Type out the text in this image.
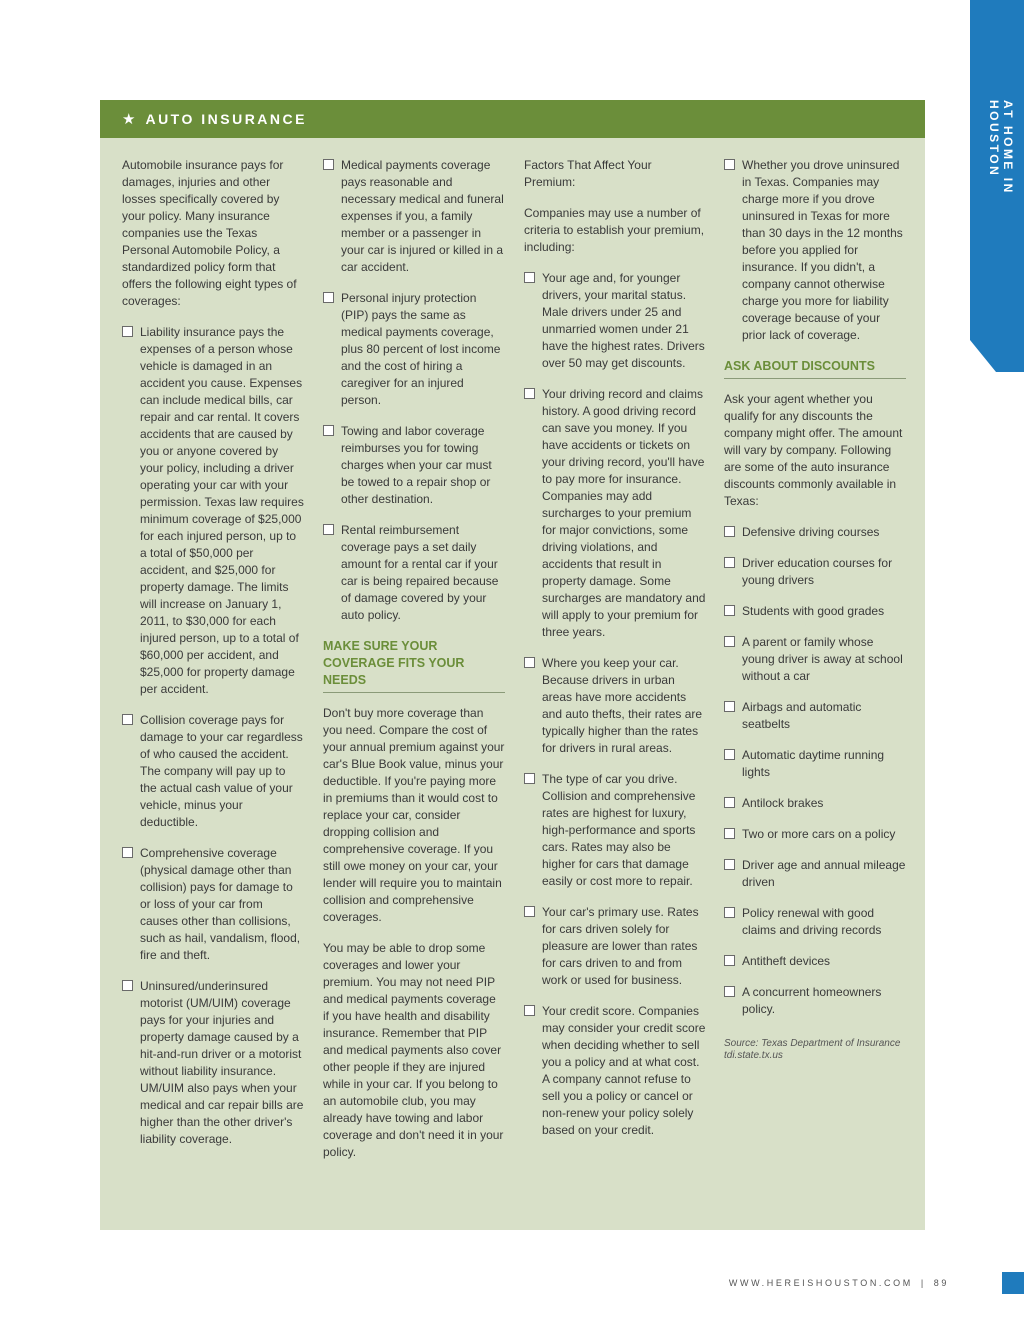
AT HOME IN HOUSTON
★ AUTO INSURANCE

Automobile insurance pays for damages, injuries and other losses specifically covered by your policy. Many insurance companies use the Texas Personal Automobile Policy, a standardized policy form that offers the following eight types of coverages:

Liability insurance pays the expenses of a person whose vehicle is damaged in an accident you cause. Expenses can include medical bills, car repair and car rental. It covers accidents that are caused by you or anyone covered by your policy, including a driver operating your car with your permission. Texas law requires minimum coverage of $25,000 for each injured person, up to a total of $50,000 per accident, and $25,000 for property damage. The limits will increase on January 1, 2011, to $30,000 for each injured person, up to a total of $60,000 per accident, and $25,000 for property damage per accident.
Collision coverage pays for damage to your car regardless of who caused the accident. The company will pay up to the actual cash value of your vehicle, minus your deductible.
Comprehensive coverage (physical damage other than collision) pays for damage to or loss of your car from causes other than collisions, such as hail, vandalism, flood, fire and theft.
Uninsured/underinsured motorist (UM/UIM) coverage pays for your injuries and property damage caused by a hit-and-run driver or a motorist without liability insurance. UM/UIM also pays when your medical and car repair bills are higher than the other driver's liability coverage.
Medical payments coverage pays reasonable and necessary medical and funeral expenses if you, a family member or a passenger in your car is injured or killed in a car accident.
Personal injury protection (PIP) pays the same as medical payments coverage, plus 80 percent of lost income and the cost of hiring a caregiver for an injured person.
Towing and labor coverage reimburses you for towing charges when your car must be towed to a repair shop or other destination.
Rental reimbursement coverage pays a set daily amount for a rental car if your car is being repaired because of damage covered by your auto policy.
MAKE SURE YOUR COVERAGE FITS YOUR NEEDS

Don't buy more coverage than you need. Compare the cost of your annual premium against your car's Blue Book value, minus your deductible. If you're paying more in premiums than it would cost to replace your car, consider dropping collision and comprehensive coverage. If you still owe money on your car, your lender will require you to maintain collision and comprehensive coverages.

You may be able to drop some coverages and lower your premium. You may not need PIP and medical payments coverage if you have health and disability insurance. Remember that PIP and medical payments also cover other people if they are injured while in your car. If you belong to an automobile club, you may already have towing and labor coverage and don't need it in your policy.

Factors That Affect Your Premium:

Companies may use a number of criteria to establish your premium, including:

Your age and, for younger drivers, your marital status. Male drivers under 25 and unmarried women under 21 have the highest rates. Drivers over 50 may get discounts.
Your driving record and claims history. A good driving record can save you money. If you have accidents or tickets on your driving record, you'll have to pay more for insurance. Companies may add surcharges to your premium for major convictions, some driving violations, and accidents that result in property damage. Some surcharges are mandatory and will apply to your premium for three years.
Where you keep your car. Because drivers in urban areas have more accidents and auto thefts, their rates are typically higher than the rates for drivers in rural areas.
The type of car you drive. Collision and comprehensive rates are highest for luxury, high-performance and sports cars. Rates may also be higher for cars that damage easily or cost more to repair.
Your car's primary use. Rates for cars driven solely for pleasure are lower than rates for cars driven to and from work or used for business.
Your credit score. Companies may consider your credit score when deciding whether to sell you a policy and at what cost. A company cannot refuse to sell you a policy or cancel or non-renew your policy solely based on your credit.
Whether you drove uninsured in Texas. Companies may charge more if you drove uninsured in Texas for more than 30 days in the 12 months before you applied for insurance. If you didn't, a company cannot otherwise charge you more for liability coverage because of your prior lack of coverage.
ASK ABOUT DISCOUNTS

Ask your agent whether you qualify for any discounts the company might offer. The amount will vary by company. Following are some of the auto insurance discounts commonly available in Texas:

Defensive driving courses
Driver education courses for young drivers
Students with good grades
A parent or family whose young driver is away at school without a car
Airbags and automatic seatbelts
Automatic daytime running lights
Antilock brakes
Two or more cars on a policy
Driver age and annual mileage driven
Policy renewal with good claims and driving records
Antitheft devices
A concurrent homeowners policy.
Source: Texas Department of Insurance tdi.state.tx.us
WWW.HEREISHOUSTON.COM | 89
